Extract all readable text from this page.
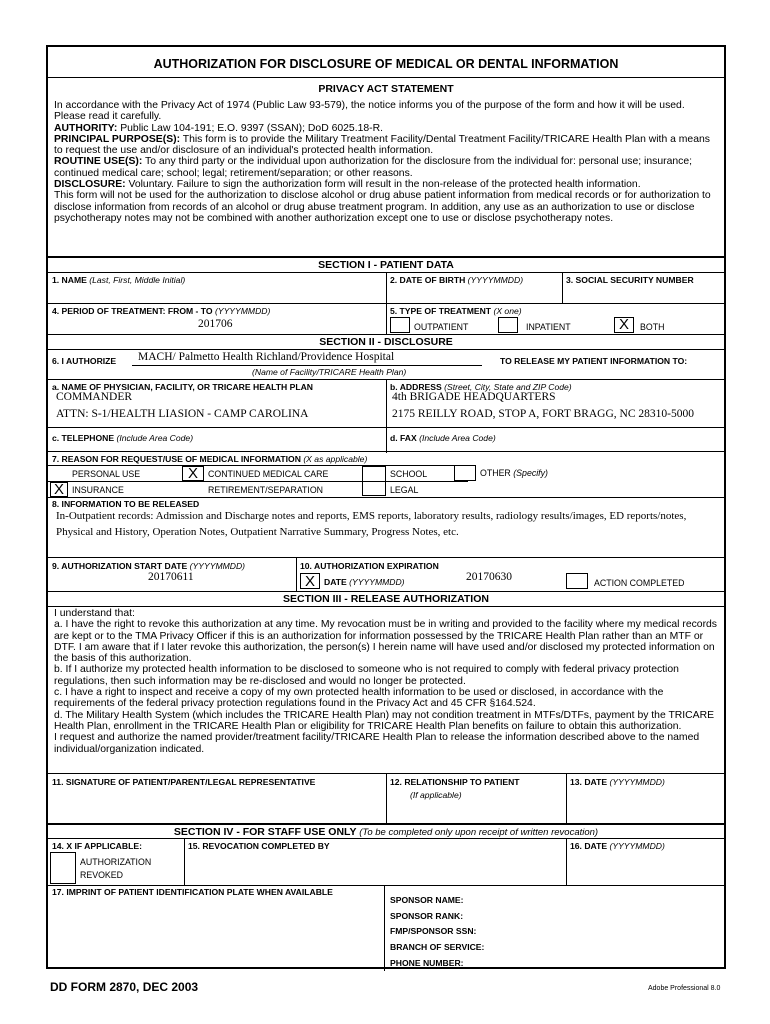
AUTHORIZATION FOR DISCLOSURE OF MEDICAL OR DENTAL INFORMATION
PRIVACY ACT STATEMENT

In accordance with the Privacy Act of 1974 (Public Law 93-579), the notice informs you of the purpose of the form and how it will be used. Please read it carefully.

AUTHORITY: Public Law 104-191; E.O. 9397 (SSAN); DoD 6025.18-R.

PRINCIPAL PURPOSE(S): This form is to provide the Military Treatment Facility/Dental Treatment Facility/TRICARE Health Plan with a means to request the use and/or disclosure of an individual's protected health information.

ROUTINE USE(S): To any third party or the individual upon authorization for the disclosure from the individual for: personal use; insurance; continued medical care; school; legal; retirement/separation; or other reasons.

DISCLOSURE: Voluntary. Failure to sign the authorization form will result in the non-release of the protected health information.

This form will not be used for the authorization to disclose alcohol or drug abuse patient information from medical records or for authorization to disclose information from records of an alcohol or drug abuse treatment program. In addition, any use as an authorization to use or disclose psychotherapy notes may not be combined with another authorization except one to use or disclose psychotherapy notes.

SECTION I - PATIENT DATA
1. NAME (Last, First, Middle Initial)	2. DATE OF BIRTH (YYYYMMDD)	3. SOCIAL SECURITY NUMBER
4. PERIOD OF TREATMENT: FROM - TO (YYYYMMDD)
201706
5. TYPE OF TREATMENT (X one)
OUTPATIENT	INPATIENT	X	BOTH
SECTION II - DISCLOSURE
6. I AUTHORIZE MACH/ Palmetto Health Richland/Providence Hospital	TO RELEASE MY PATIENT INFORMATION TO:
(Name of Facility/TRICARE Health Plan)
a. NAME OF PHYSICIAN, FACILITY, OR TRICARE HEALTH PLAN
COMMANDER
ATTN: S-1/HEALTH LIASION - CAMP CAROLINA
b. ADDRESS (Street, City, State and ZIP Code)
4th BRIGADE HEADQUARTERS
2175 REILLY ROAD, STOP A, FORT BRAGG, NC 28310-5000
c. TELEPHONE (Include Area Code)	d. FAX (Include Area Code)
7. REASON FOR REQUEST/USE OF MEDICAL INFORMATION (X as applicable)
PERSONAL USE	X	CONTINUED MEDICAL CARE	SCHOOL	OTHER (Specify)
X INSURANCE	RETIREMENT/SEPARATION	LEGAL
8. INFORMATION TO BE RELEASED
In-Outpatient records: Admission and Discharge notes and reports, EMS reports, laboratory results, radiology results/images, ED reports/notes,
Physical and History, Operation Notes, Outpatient Narrative Summary, Progress Notes, etc.
9. AUTHORIZATION START DATE (YYYYMMDD)
20170611
10. AUTHORIZATION EXPIRATION
X	DATE (YYYYMMDD)	20170630	ACTION COMPLETED
SECTION III - RELEASE AUTHORIZATION

I understand that:

a. I have the right to revoke this authorization at any time. My revocation must be in writing and provided to the facility where my medical records are kept or to the TMA Privacy Officer if this is an authorization for information possessed by the TRICARE Health Plan rather than an MTF or DTF. I am aware that if I later revoke this authorization, the person(s) I herein name will have used and/or disclosed my protected information on the basis of this authorization.

b. If I authorize my protected health information to be disclosed to someone who is not required to comply with federal privacy protection regulations, then such information may be re-disclosed and would no longer be protected.

c. I have a right to inspect and receive a copy of my own protected health information to be used or disclosed, in accordance with the requirements of the federal privacy protection regulations found in the Privacy Act and 45 CFR §164.524.

d. The Military Health System (which includes the TRICARE Health Plan) may not condition treatment in MTFs/DTFs, payment by the TRICARE Health Plan, enrollment in the TRICARE Health Plan or eligibility for TRICARE Health Plan benefits on failure to obtain this authorization.

I request and authorize the named provider/treatment facility/TRICARE Health Plan to release the information described above to the named individual/organization indicated.

11. SIGNATURE OF PATIENT/PARENT/LEGAL REPRESENTATIVE	12. RELATIONSHIP TO PATIENT
(If applicable)
13. DATE (YYYYMMDD)
SECTION IV - FOR STAFF USE ONLY (To be completed only upon receipt of written revocation)
14. X IF APPLICABLE:
AUTHORIZATION
REVOKED
15. REVOCATION COMPLETED BY	16. DATE (YYYYMMDD)
17. IMPRINT OF PATIENT IDENTIFICATION PLATE WHEN AVAILABLE
SPONSOR NAME:
SPONSOR RANK:
FMP/SPONSOR SSN:
BRANCH OF SERVICE:
PHONE NUMBER:
DD FORM 2870, DEC 2003	Adobe Professional 8.0
